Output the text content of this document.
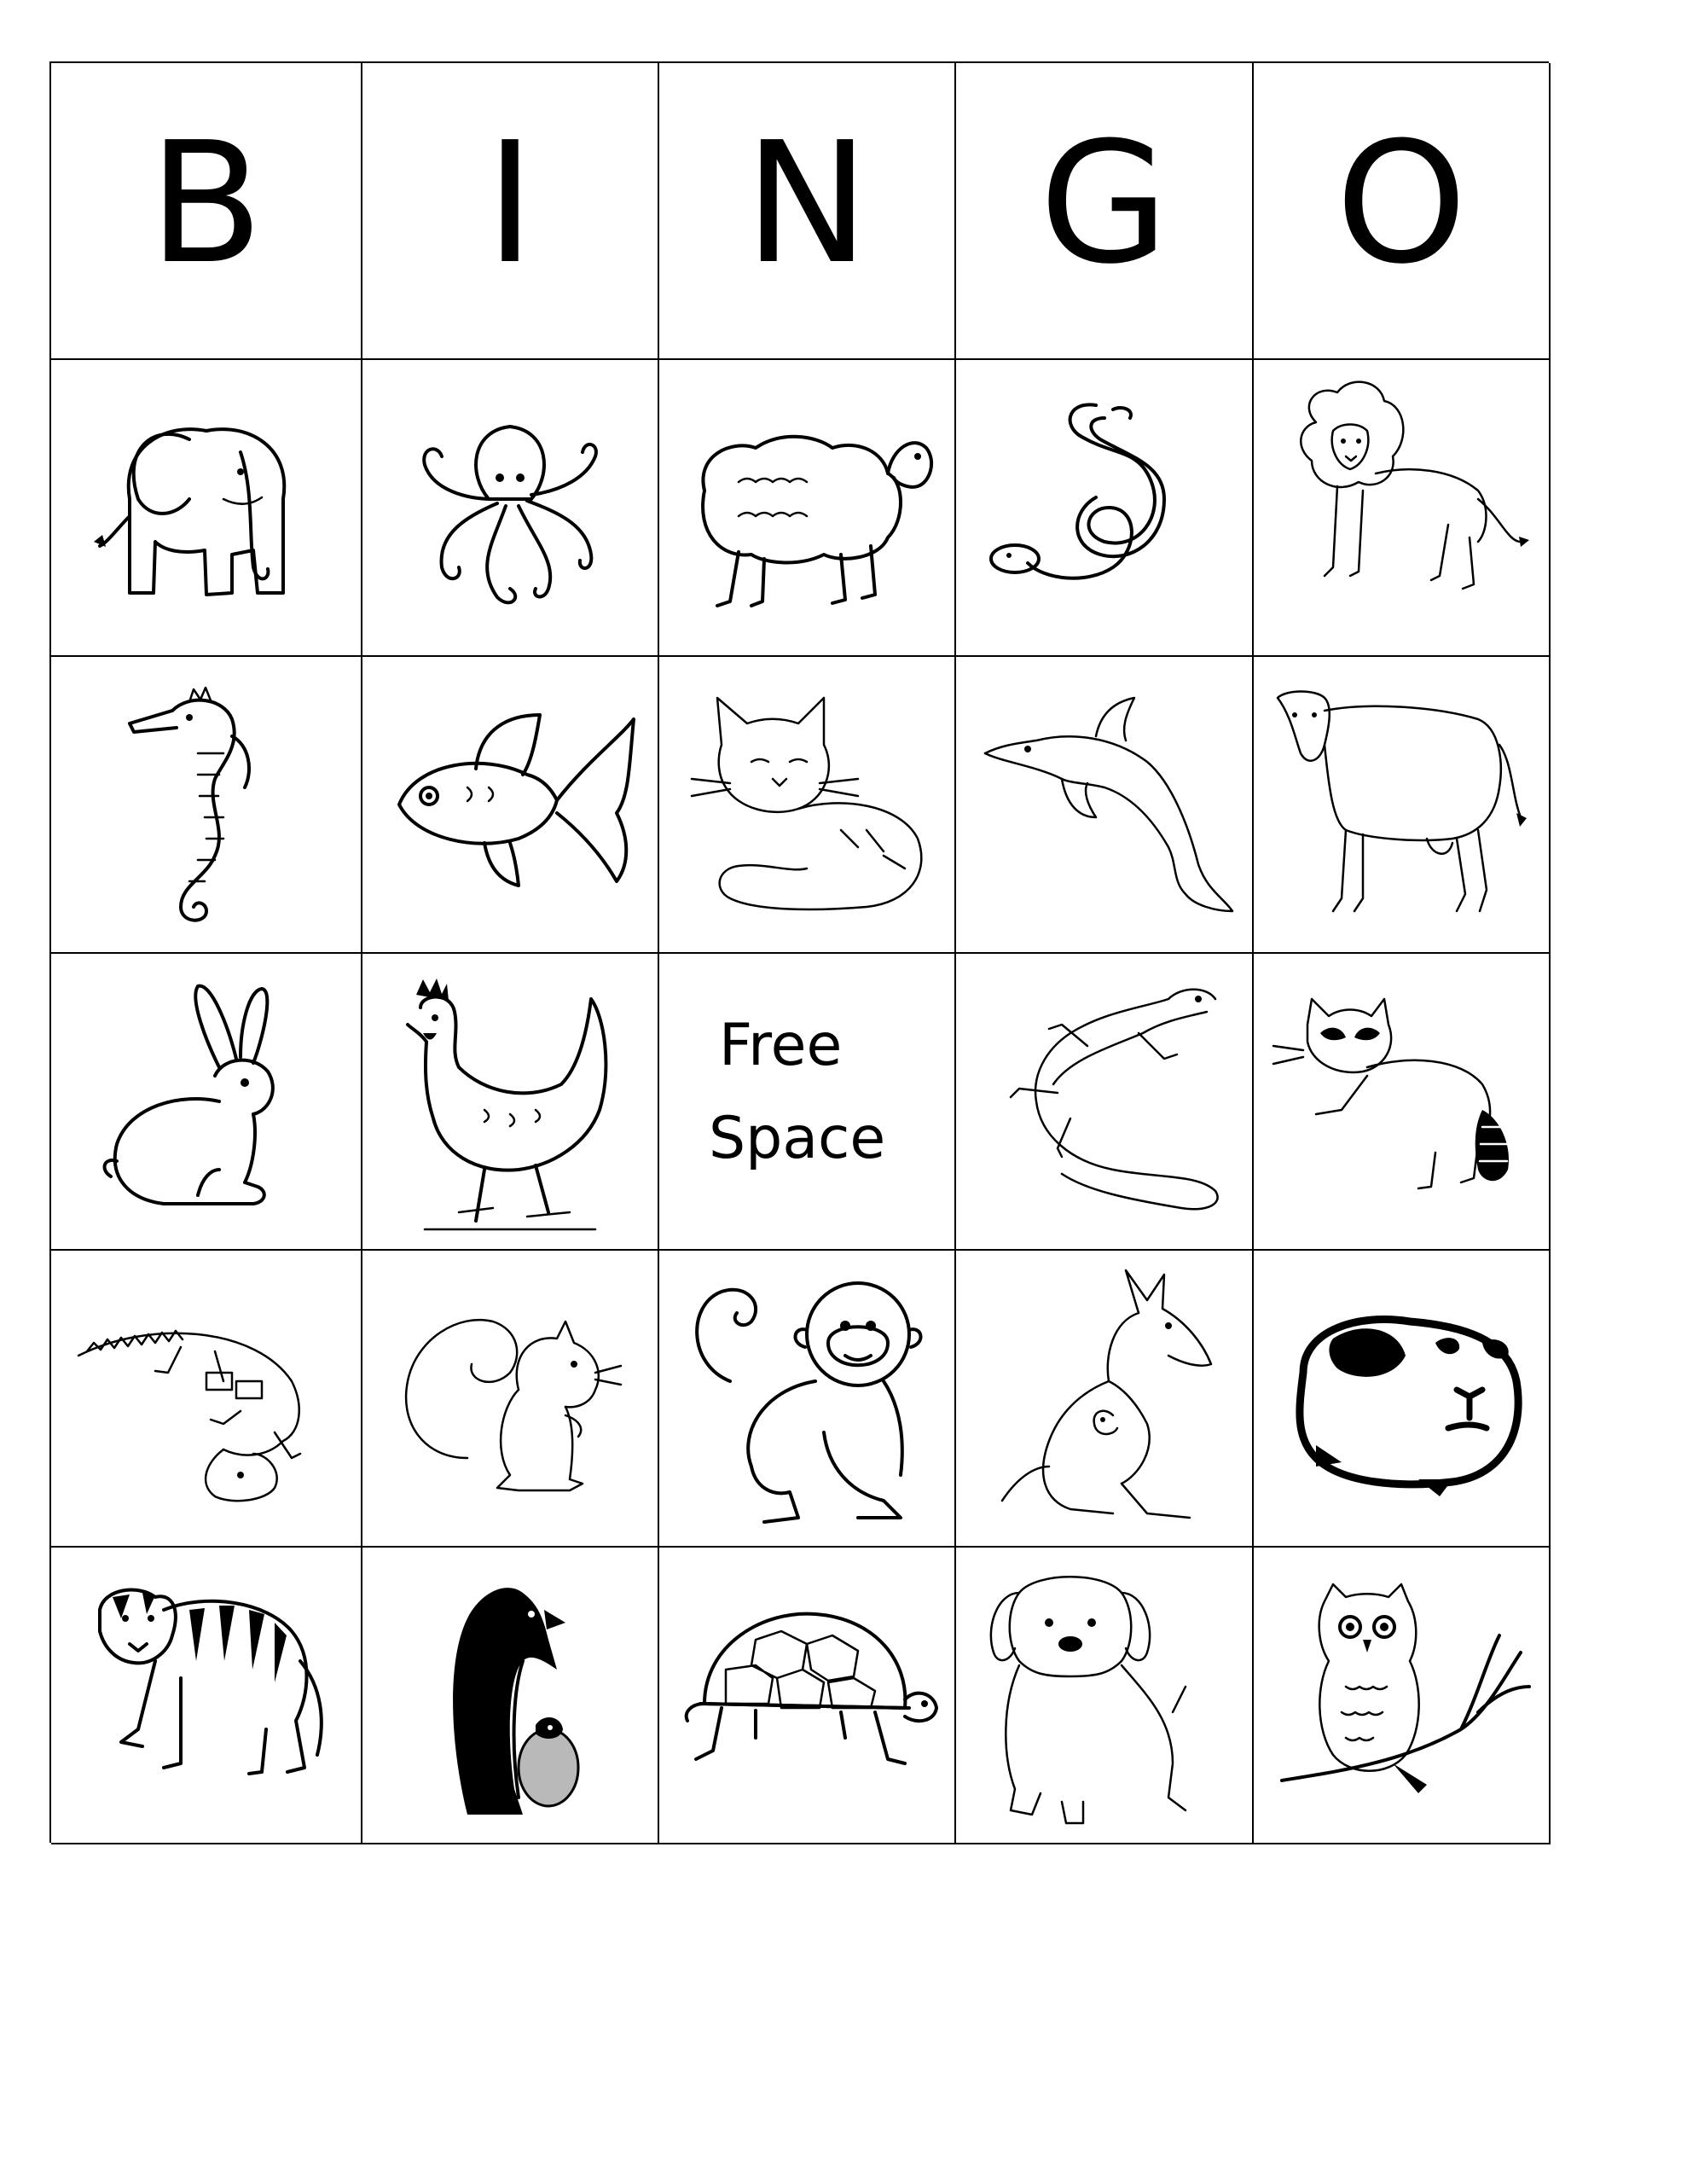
B I N G O
Free
Space
